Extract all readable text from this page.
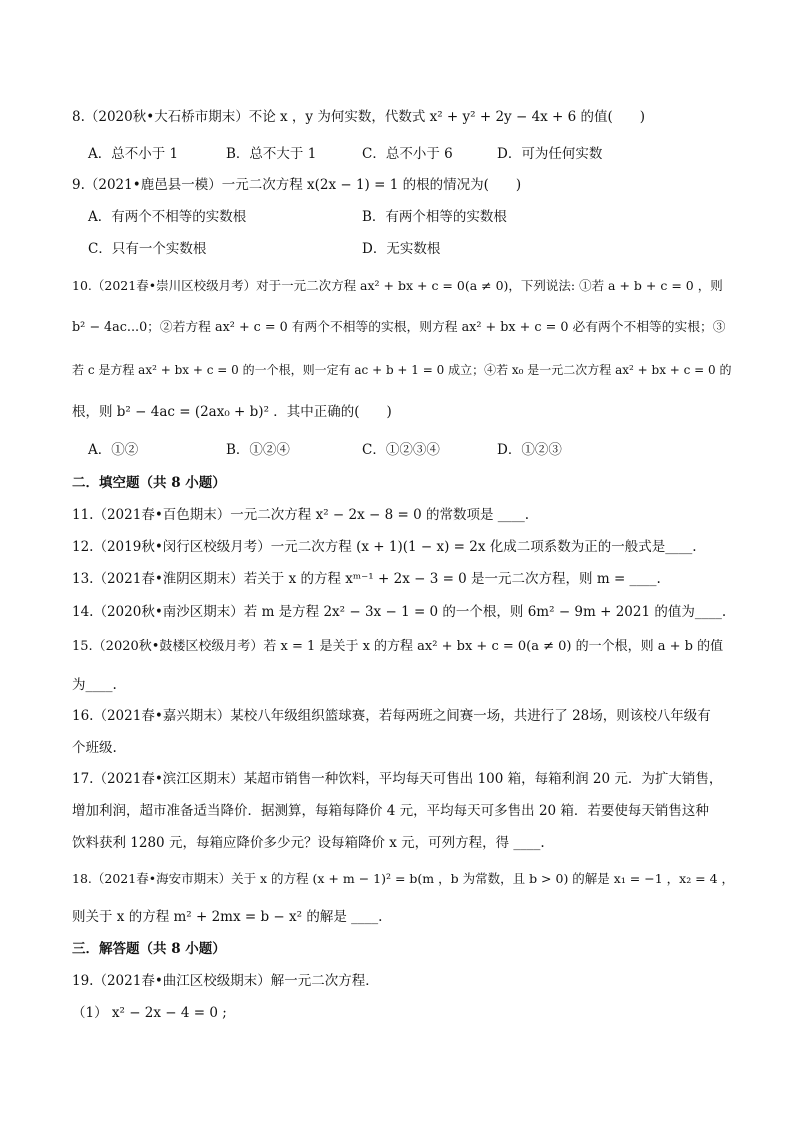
8.（2020秋•大石桥市期末）不论 x ，y 为何实数，代数式 x² + y² + 2y − 4x + 6 的值(　　)
A．总不小于 1	B．总不大于 1	C．总不小于 6	D．可为任何实数
9.（2021•鹿邑县一模）一元二次方程 x(2x − 1) = 1 的根的情况为(　　)
A．有两个不相等的实数根	B．有两个相等的实数根
C．只有一个实数根	D．无实数根
10.（2021春•崇川区校级月考）对于一元二次方程 ax² + bx + c = 0(a ≠ 0)，下列说法: ①若 a + b + c = 0 ，则
b² − 4ac...0；②若方程 ax² + c = 0 有两个不相等的实根，则方程 ax² + bx + c = 0 必有两个不相等的实根；③
若 c 是方程 ax² + bx + c = 0 的一个根，则一定有 ac + b + 1 = 0 成立；④若 x₀ 是一元二次方程 ax² + bx + c = 0 的
根，则 b² − 4ac = (2ax₀ + b)² ．其中正确的(　　)
A．①②	B．①②④	C．①②③④	D．①②③
二．填空题（共 8 小题）
11.（2021春•百色期末）一元二次方程 x² − 2x − 8 = 0 的常数项是 ____.
12.（2019秋•闵行区校级月考）一元二次方程 (x + 1)(1 − x) = 2x 化成二项系数为正的一般式是____.
13.（2021春•淮阴区期末）若关于 x 的方程 xᵐ⁻¹ + 2x − 3 = 0 是一元二次方程，则 m = ____.
14.（2020秋•南沙区期末）若 m 是方程 2x² − 3x − 1 = 0 的一个根，则 6m² − 9m + 2021 的值为____.
15.（2020秋•鼓楼区校级月考）若 x = 1 是关于 x 的方程 ax² + bx + c = 0(a ≠ 0) 的一个根，则 a + b 的值
为____.
16.（2021春•嘉兴期末）某校八年级组织篮球赛，若每两班之间赛一场，共进行了 28场，则该校八年级有
个班级.
17.（2021春•滨江区期末）某超市销售一种饮料，平均每天可售出 100 箱，每箱利润 20 元．为扩大销售，
增加利润，超市准备适当降价．据测算，每箱每降价 4 元，平均每天可多售出 20 箱．若要使每天销售这种
饮料获利 1280 元，每箱应降价多少元？设每箱降价 x 元，可列方程，得 ____.
18.（2021春•海安市期末）关于 x 的方程 (x + m − 1)² = b(m ，b 为常数，且 b > 0) 的解是 x₁ = −1 ，x₂ = 4 ，
则关于 x 的方程 m² + 2mx = b − x² 的解是 ____.
三．解答题（共 8 小题）
19.（2021春•曲江区校级期末）解一元二次方程．
（1） x² − 2x − 4 = 0 ;
